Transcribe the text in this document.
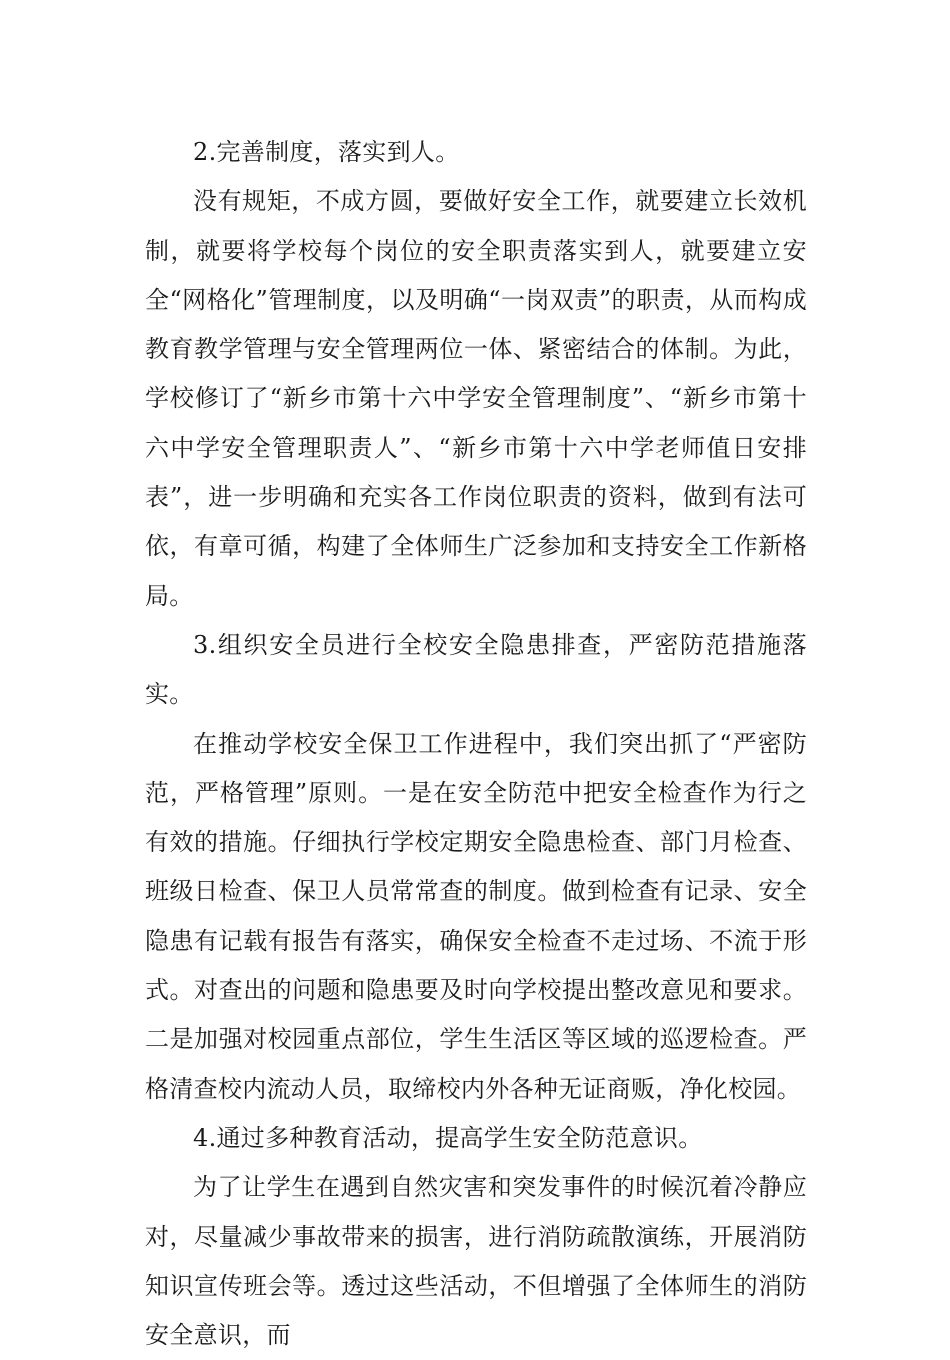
2.完善制度，落实到人。

没有规矩，不成方圆，要做好安全工作，就要建立长效机制，就要将学校每个岗位的安全职责落实到人，就要建立安全“网格化”管理制度，以及明确“一岗双责”的职责，从而构成教育教学管理与安全管理两位一体、紧密结合的体制。为此，学校修订了“新乡市第十六中学安全管理制度”、“新乡市第十六中学安全管理职责人”、“新乡市第十六中学老师值日安排表”，进一步明确和充实各工作岗位职责的资料，做到有法可依，有章可循，构建了全体师生广泛参加和支持安全工作新格局。

3.组织安全员进行全校安全隐患排查，严密防范措施落实。

在推动学校安全保卫工作进程中，我们突出抓了“严密防范，严格管理”原则。一是在安全防范中把安全检查作为行之有效的措施。仔细执行学校定期安全隐患检查、部门月检查、班级日检查、保卫人员常常查的制度。做到检查有记录、安全隐患有记载有报告有落实，确保安全检查不走过场、不流于形式。对查出的问题和隐患要及时向学校提出整改意见和要求。二是加强对校园重点部位，学生生活区等区域的巡逻检查。严格清查校内流动人员，取缔校内外各种无证商贩，净化校园。

4.通过多种教育活动，提高学生安全防范意识。

为了让学生在遇到自然灾害和突发事件的时候沉着冷静应对，尽量减少事故带来的损害，进行消防疏散演练，开展消防知识宣传班会等。透过这些活动，不但增强了全体师生的消防安全意识，而
